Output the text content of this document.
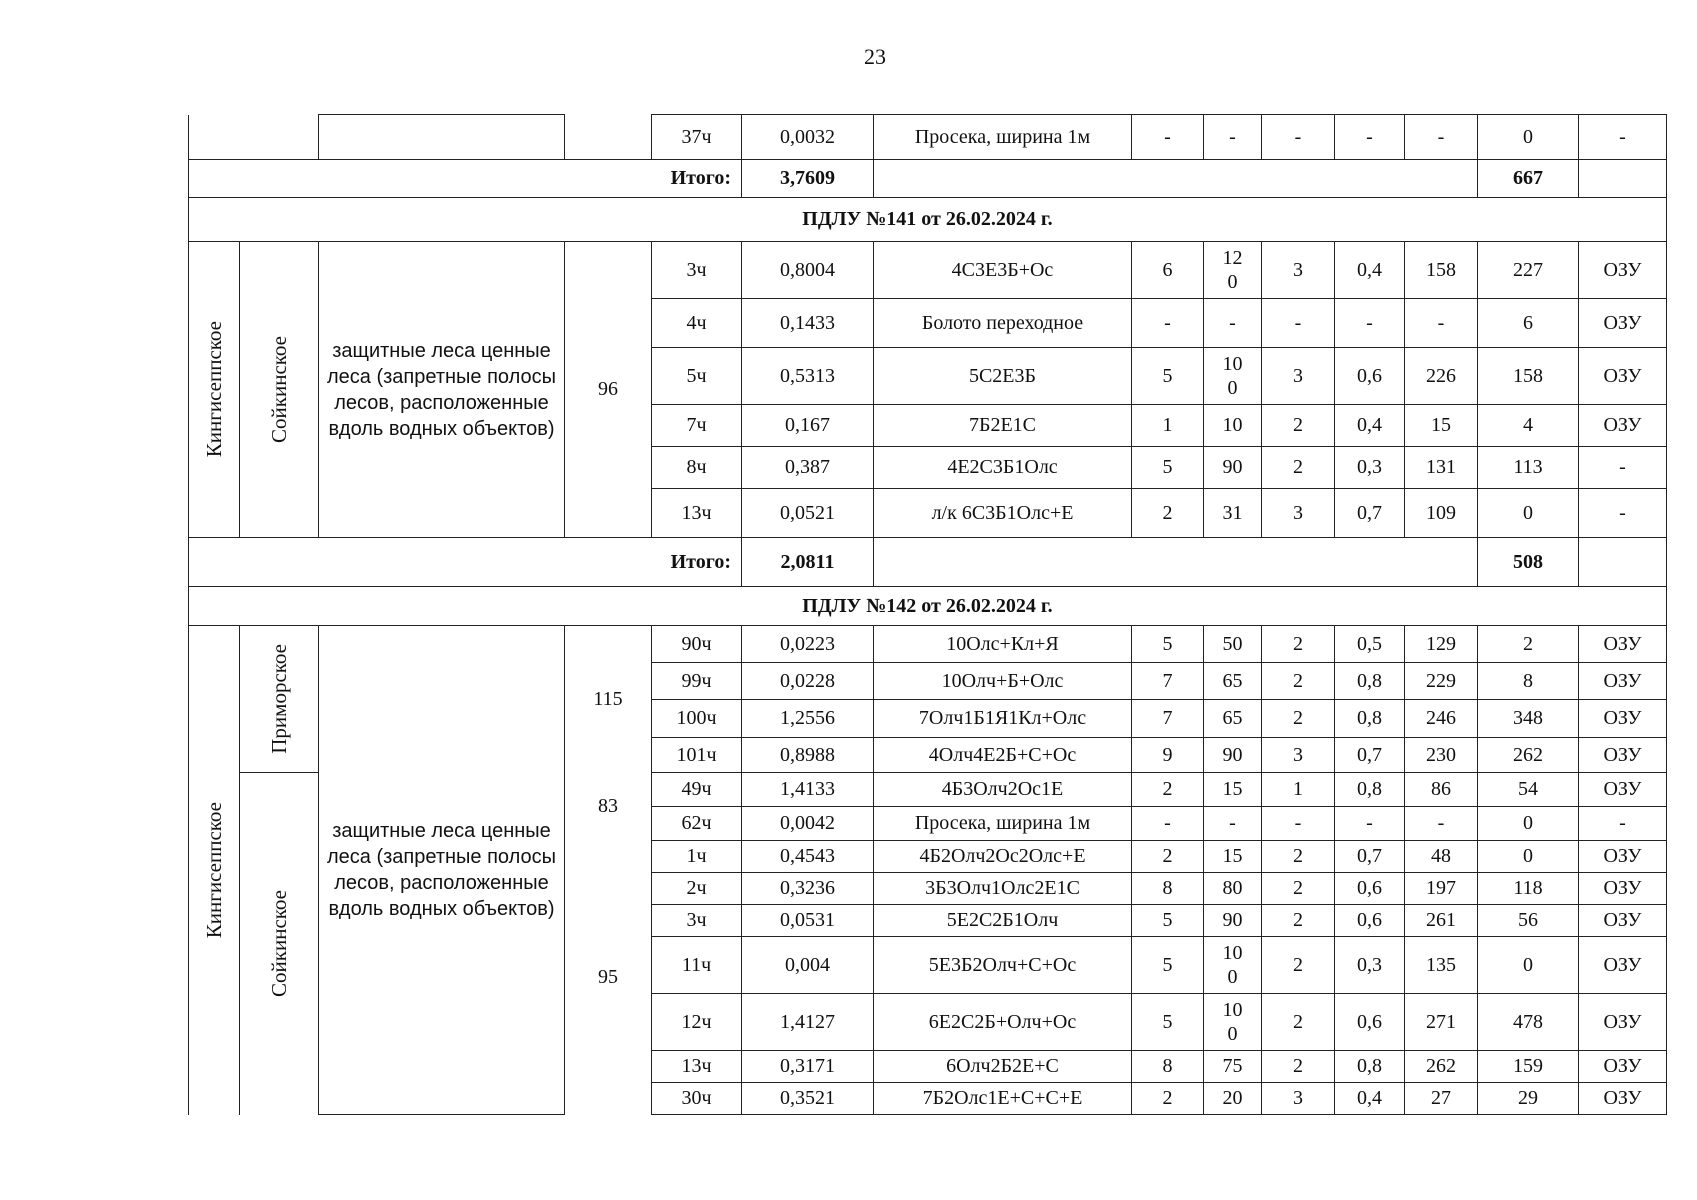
23
				37ч	0,0032	Просека, ширина 1м	-	-	-	-	-	0	-
Итого:					3,7609							667	
ПДЛУ №141 от 26.02.2024 г.													

Кингисеппское	Сойкинское	защитные леса ценные леса (запретные полосы лесов, расположенные вдоль водных объектов)	96	3ч	0,8004	4С3Е3Б+Ос	6	120	3	0,4	158	227	ОЗУ
				4ч	0,1433	Болото переходное	-	-	-	-	-	6	ОЗУ
				5ч	0,5313	5С2Е3Б	5	100	3	0,6	226	158	ОЗУ
				7ч	0,167	7Б2Е1С	1	10	2	0,4	15	4	ОЗУ
				8ч	0,387	4Е2С3Б1Олс	5	90	2	0,3	131	113	-
				13ч	0,0521	л/к 6С3Б1Олс+Е	2	31	3	0,7	109	0	-
Итого:					2,0811							508	
ПДЛУ №142 от 26.02.2024 г.													

Кингисеппское	Приморское	защитные леса ценные леса (запретные полосы лесов, расположенные вдоль водных объектов)	115	90ч	0,0223	10Олс+Кл+Я	5	50	2	0,5	129	2	ОЗУ
				99ч	0,0228	10Олч+Б+Олс	7	65	2	0,8	229	8	ОЗУ
				100ч	1,2556	7Олч1Б1Я1Кл+Олс	7	65	2	0,8	246	348	ОЗУ
				101ч	0,8988	4Олч4Е2Б+С+Ос	9	90	3	0,7	230	262	ОЗУ

	Сойкинское		83	49ч	1,4133	4Б3Олч2Ос1Е	2	15	1	0,8	86	54	ОЗУ
				62ч	0,0042	Просека, ширина 1м	-	-	-	-	-	0	-
			95	1ч	0,4543	4Б2Олч2Ос2Олс+Е	2	15	2	0,7	48	0	ОЗУ
				2ч	0,3236	3Б3Олч1Олс2Е1С	8	80	2	0,6	197	118	ОЗУ
				3ч	0,0531	5Е2С2Б1Олч	5	90	2	0,6	261	56	ОЗУ
				11ч	0,004	5Е3Б2Олч+С+Ос	5	100	2	0,3	135	0	ОЗУ
				12ч	1,4127	6Е2С2Б+Олч+Ос	5	100	2	0,6	271	478	ОЗУ
				13ч	0,3171	6Олч2Б2Е+С	8	75	2	0,8	262	159	ОЗУ
				30ч	0,3521	7Б2Олс1Е+С+С+Е	2	20	3	0,4	27	29	ОЗУ
